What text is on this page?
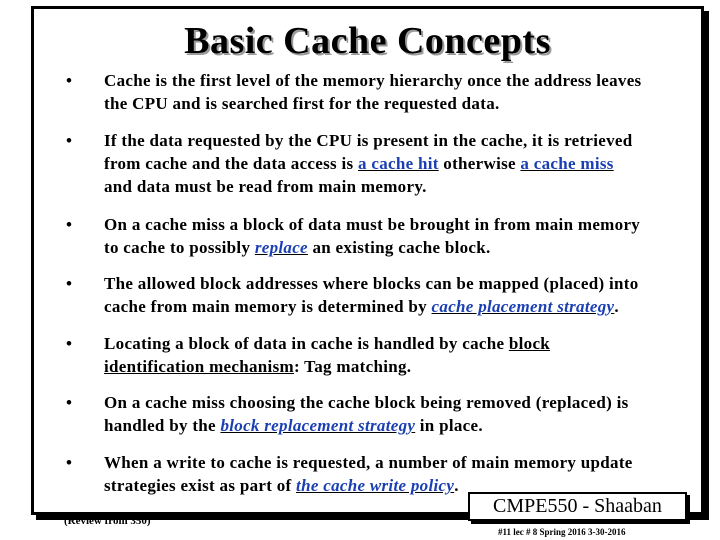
Basic Cache Concepts
• Cache is the first level of the memory hierarchy once the address leaves
the CPU and is searched first for the requested data.
• If the data requested by the CPU is present in the cache, it is retrieved
from cache and the data access is a cache hit otherwise a cache miss
and data must be read from main memory.
• On a cache miss a block of data must be brought in from main memory
to cache to possibly replace an existing cache block.
• The allowed block addresses where blocks can be mapped (placed) into
cache from main memory is determined by cache placement strategy.
• Locating a block of data in cache is handled by cache block
identification mechanism: Tag matching.
• On a cache miss choosing the cache block being removed (replaced) is
handled by the block replacement strategy in place.
• When a write to cache is requested, a number of main memory update
strategies exist as part of the cache write policy.
(Review from 350)
CMPE550 - Shaaban
#11 lec # 8 Spring 2016 3-30-2016
